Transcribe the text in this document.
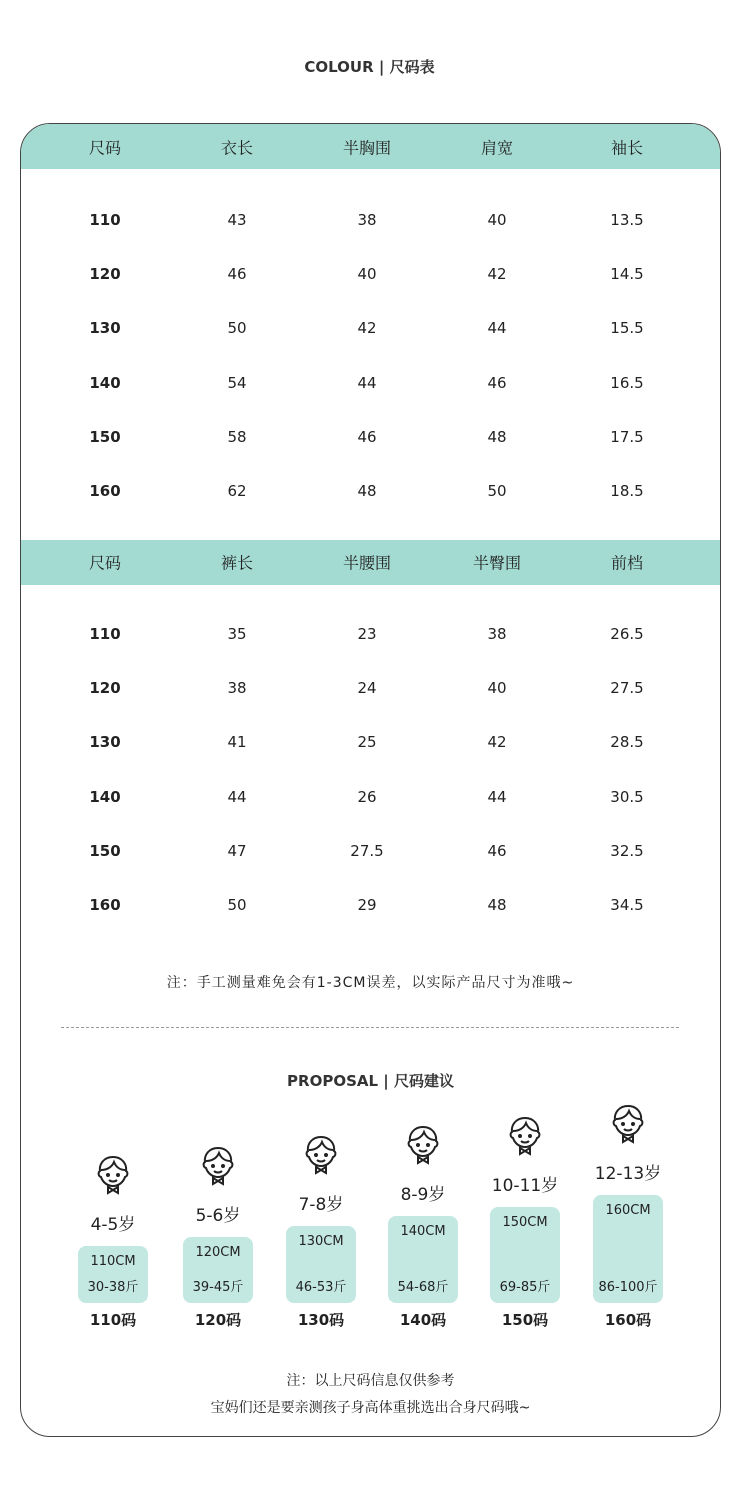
COLOUR | 尺码表
尺码	衣长	半胸围	肩宽	袖长
110	43	38	40	13.5
120	46	40	42	14.5
130	50	42	44	15.5
140	54	44	46	16.5
150	58	46	48	17.5
160	62	48	50	18.5
尺码	裤长	半腰围	半臀围	前档
110	35	23	38	26.5
120	38	24	40	27.5
130	41	25	42	28.5
140	44	26	44	30.5
150	47	27.5	46	32.5
160	50	29	48	34.5
注：手工测量难免会有1-3CM误差，以实际产品尺寸为准哦~
PROPOSAL | 尺码建议
4-5岁
110CM
30-38斤
110码
5-6岁
120CM
39-45斤
120码
7-8岁
130CM
46-53斤
130码
8-9岁
140CM
54-68斤
140码
10-11岁
150CM
69-85斤
150码
12-13岁
160CM
86-100斤
160码
注：以上尺码信息仅供参考
宝妈们还是要亲测孩子身高体重挑选出合身尺码哦~
